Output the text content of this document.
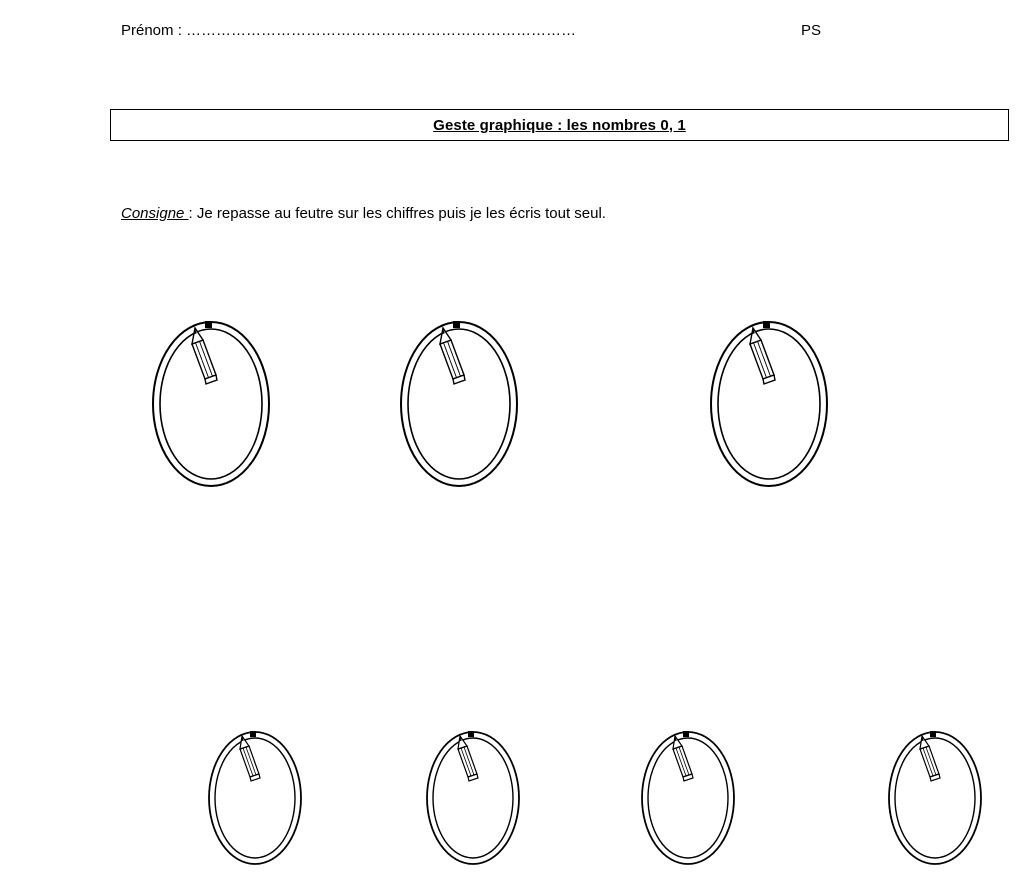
Prénom : ……………………………………………………………………	PS
Geste graphique : les nombres 0, 1
Consigne : Je repasse au feutre sur les chiffres puis je les écris tout seul.
